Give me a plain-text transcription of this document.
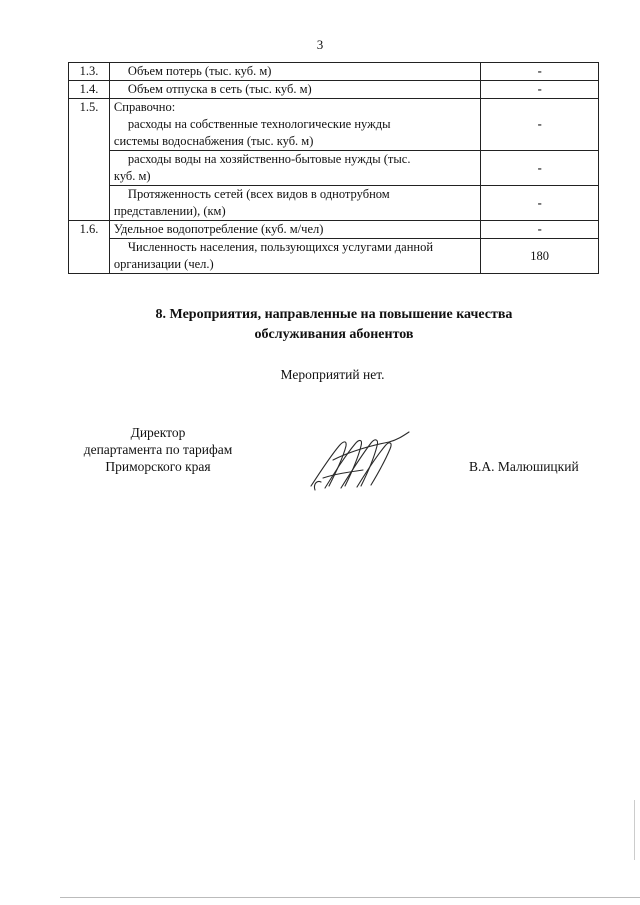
3
1.3.	Объем потерь (тыс. куб. м)	-
1.4.	Объем отпуска в сеть (тыс. куб. м)	-
1.5.	Справочно:
расходы на собственные технологические нужды
системы водоснабжения (тыс. куб. м)	-

	расходы воды на хозяйственно-бытовые нужды (тыс.
куб. м)	-

	Протяженность сетей (всех видов в однотрубном
представлении), (км)	-
1.6.	Удельное водопотребление (куб. м/чел)	-

	Численность населения, пользующихся услугами данной
организации (чел.)	180
8. Мероприятия, направленные на повышение качества
обслуживания абонентов
Мероприятий нет.
Директор
департамента по тарифам
Приморского края	В.А. Малюшицкий
